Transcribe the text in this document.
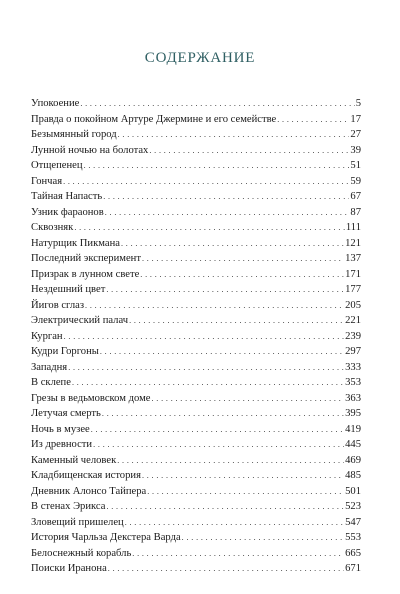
СОДЕРЖАНИЕ
Упокоение . . .	5
Правда о покойном Артуре Джермине и его семействе . . .	17
Безымянный город . . .	27
Лунной ночью на болотах . . .	39
Отщепенец . . .	51
Гончая . . .	59
Тайная Напасть . . .	67
Узник фараонов . . .	87
Сквозняк . . .	111
Натурщик Пикмана . . .	121
Последний эксперимент . . .	137
Призрак в лунном свете . . .	171
Нездешний цвет . . .	177
Йигов сглаз . . .	205
Электрический палач . . .	221
Курган . . .	239
Кудри Горгоны . . .	297
Западня . . .	333
В склепе . . .	353
Грезы в ведьмовском доме . . .	363
Летучая смерть . . .	395
Ночь в музее . . .	419
Из древности . . .	445
Каменный человек . . .	469
Кладбищенская история . . .	485
Дневник Алонсо Тайпера . . .	501
В стенах Эрикса . . .	523
Зловещий пришелец . . .	547
История Чарльза Декстера Варда . . .	553
Белоснежный корабль . . .	665
Поиски Иранона . . .	671
